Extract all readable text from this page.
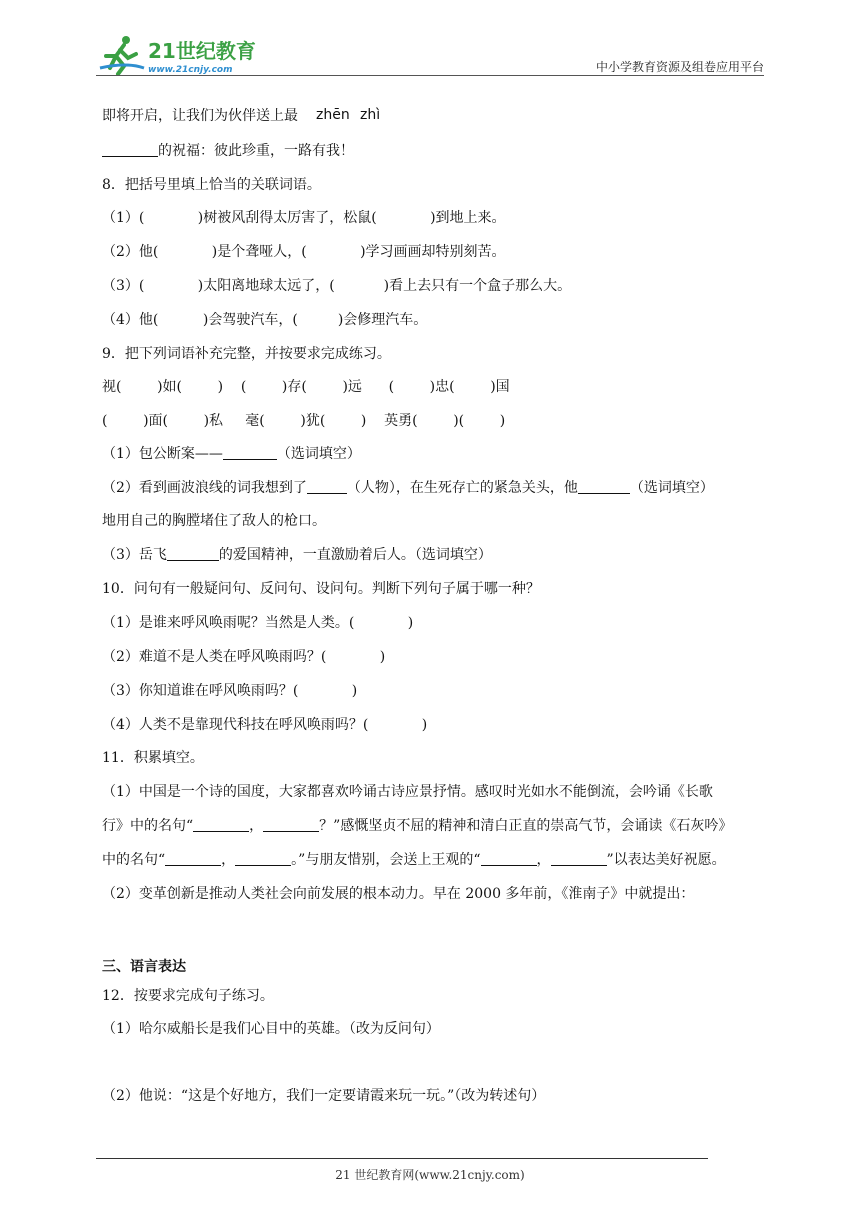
21世纪教育
www.21cnjy.com	中小学教育资源及组卷应用平台
即将开启，让我们为伙伴送上最 zhēn zhì
的祝福：彼此珍重，一路有我！
8．把括号里填上恰当的关联词语。
（1）(            )树被风刮得太厉害了，松鼠(            )到地上来。
（2）他(            )是个聋哑人，(            )学习画画却特别刻苦。
（3）(            )太阳离地球太远了，(           )看上去只有一个盒子那么大。
（4）他(          )会驾驶汽车，(         )会修理汽车。
9．把下列词语补充完整，并按要求完成练习。
视(        )如(        )    (        )存(        )远      (        )忠(        )国
(        )面(        )私     毫(        )犹(        )    英勇(        )(        )
（1）包公断案——	（选词填空）
（2）看到画波浪线的词我想到了	（人物），在生死存亡的紧急关头，他	（选词填空）
地用自己的胸膛堵住了敌人的枪口。
（3）岳飞	的爱国精神，一直激励着后人。（选词填空）
10．问句有一般疑问句、反问句、设问句。判断下列句子属于哪一种？
（1）是谁来呼风唤雨呢？当然是人类。(            )
（2）难道不是人类在呼风唤雨吗？(            )
（3）你知道谁在呼风唤雨吗？(            )
（4）人类不是靠现代科技在呼风唤雨吗？(            )
11．积累填空。
（1）中国是一个诗的国度，大家都喜欢吟诵古诗应景抒情。感叹时光如水不能倒流，会吟诵《长歌
行》中的名句“	，	？”感慨坚贞不屈的精神和清白正直的崇高气节，会诵读《石灰吟》
中的名句“	，	。”与朋友惜别，会送上王观的“	，	”以表达美好祝愿。
（2）变革创新是推动人类社会向前发展的根本动力。早在 2000 多年前，《淮南子》中就提出：
三、语言表达
12．按要求完成句子练习。
（1）哈尔威船长是我们心目中的英雄。（改为反问句）
（2）他说：“这是个好地方，我们一定要请霞来玩一玩。”（改为转述句）
21 世纪教育网(www.21cnjy.com)
